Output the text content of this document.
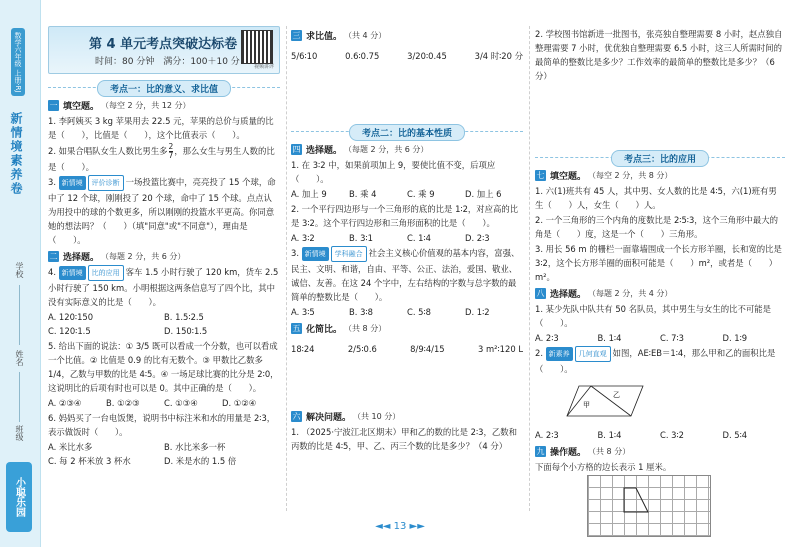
数学六年级 上册·RJ
新情境素养卷
学校
姓名
班级
小聪乐园
第 4 单元考点突破达标卷
时间：80 分钟　满分：100＋10 分	视频讲评
考点一：比的意义、求比值
一 填空题。 （每空 2 分，共 12 分）
1. 李阿姨买 3 kg 苹果用去 22.5 元，苹果的总价与质量的比是（　　），比值是（　　），这个比值表示（　　）。
2. 如果合唱队女生人数比男生多 $\frac{2}{7}$ ，那么女生与男生人数的比是（　　）。
3. 新情境 评价诊断 一场投篮比赛中，亮亮投了 15 个球，命中了 12 个球，刚刚投了 20 个球，命中了 15 个球。点点认为用投中的球的个数更多，所以刚刚的投篮水平更高。你同意她的想法吗？（　　）（填"同意"或"不同意"），理由是（　　）。
二 选择题。 （每题 2 分，共 6 分）
4. 新情境 比的应用 客车 1.5 小时行驶了 120 km，货车 2.5 小时行驶了 150 km。小明根据这两条信息写了四个比，其中没有实际意义的比是（　　）。
A. 120∶150	B. 1.5∶2.5
C. 120∶1.5	D. 150∶1.5
5. 给出下面的说法：① 3/5 既可以看成一个分数，也可以看成一个比值。② 比值是 0.9 的比有无数个。③ 甲数比乙数多 1/4，乙数与甲数的比是 4∶5。④ 一场足球比赛的比分是 2∶0，这说明比的后项有时也可以是 0。其中正确的是（　　）。
A. ②③④	B. ①②③	C. ①③④	D. ①②④
6. 妈妈买了一台电饭煲，说明书中标注米和水的用量是 2∶3，表示做饭时（　　）。
A. 米比水多	B. 水比米多一杯
C. 每 2 杯米放 3 杯水	D. 米是水的 1.5 倍
三 求比值。 （共 4 分）
5/6∶10	0.6∶0.75	3/20∶0.45	3/4 时∶20 分
考点二：比的基本性质
四 选择题。 （每题 2 分，共 6 分）
1. 在 3∶2 中，如果前项加上 9，要使比值不变，后项应（　　）。
A. 加上 9	B. 乘 4	C. 乘 9	D. 加上 6
2. 一个平行四边形与一个三角形的底的比是 1∶2，对应高的比是 3∶2。这个平行四边形和三角形面积的比是（　　）。
A. 3∶2	B. 3∶1	C. 1∶4	D. 2∶3
3. 新情境 学科融合 社会主义核心价值观的基本内容，富强、民主、文明、和谐，自由、平等、公正、法治，爱国、敬业、诚信、友善。在这 24 个字中，左右结构的字数与总字数的最简单的整数比是（　　）。
A. 3∶5	B. 3∶8	C. 5∶8	D. 1∶2
五 化简比。 （共 8 分）
18∶24	2/5∶0.6	8/9∶4/15	3 m²∶120 L
六 解决问题。 （共 10 分）
1. （2025·宁波江北区期末）甲和乙的数的比是 2∶3，乙数和丙数的比是 4∶5，甲、乙、丙三个数的比是多少？（4 分）
2. 学校图书馆新进一批图书，张亮独自整理需要 8 小时，赵点独自整理需要 7 小时，优优独自整理需要 6.5 小时，这三人所需时间的最简单的整数比是多少？工作效率的最简单的整数比是多少？（6 分）
考点三：比的应用
七 填空题。 （每空 2 分，共 8 分）
1. 六(1)班共有 45 人，其中男、女人数的比是 4∶5，六(1)班有男生（　　）人，女生（　　）人。
2. 一个三角形的三个内角的度数比是 2∶5∶3，这个三角形中最大的角是（　　）度，这是一个（　　）三角形。
3. 用长 56 m 的栅栏一面靠墙围成一个长方形羊圈，长和宽的比是 3∶2，这个长方形羊圈的面积可能是（　　）m²，或者是（　　）m²。
八 选择题。 （每题 2 分，共 4 分）
1. 某少先队中队共有 50 名队员，其中男生与女生的比不可能是（　　）。
A. 2∶3	B. 1∶4	C. 7∶3	D. 1∶9
2. 新素养 几何直观 如图，AE∶EB＝1∶4，那么甲和乙的面积比是（　　）。
甲
乙
A. 2∶3	B. 1∶4	C. 3∶2	D. 5∶4
九 操作题。 （共 8 分）
下面每个小方格的边长表示 1 厘米。
◄◄ 13 ►►
